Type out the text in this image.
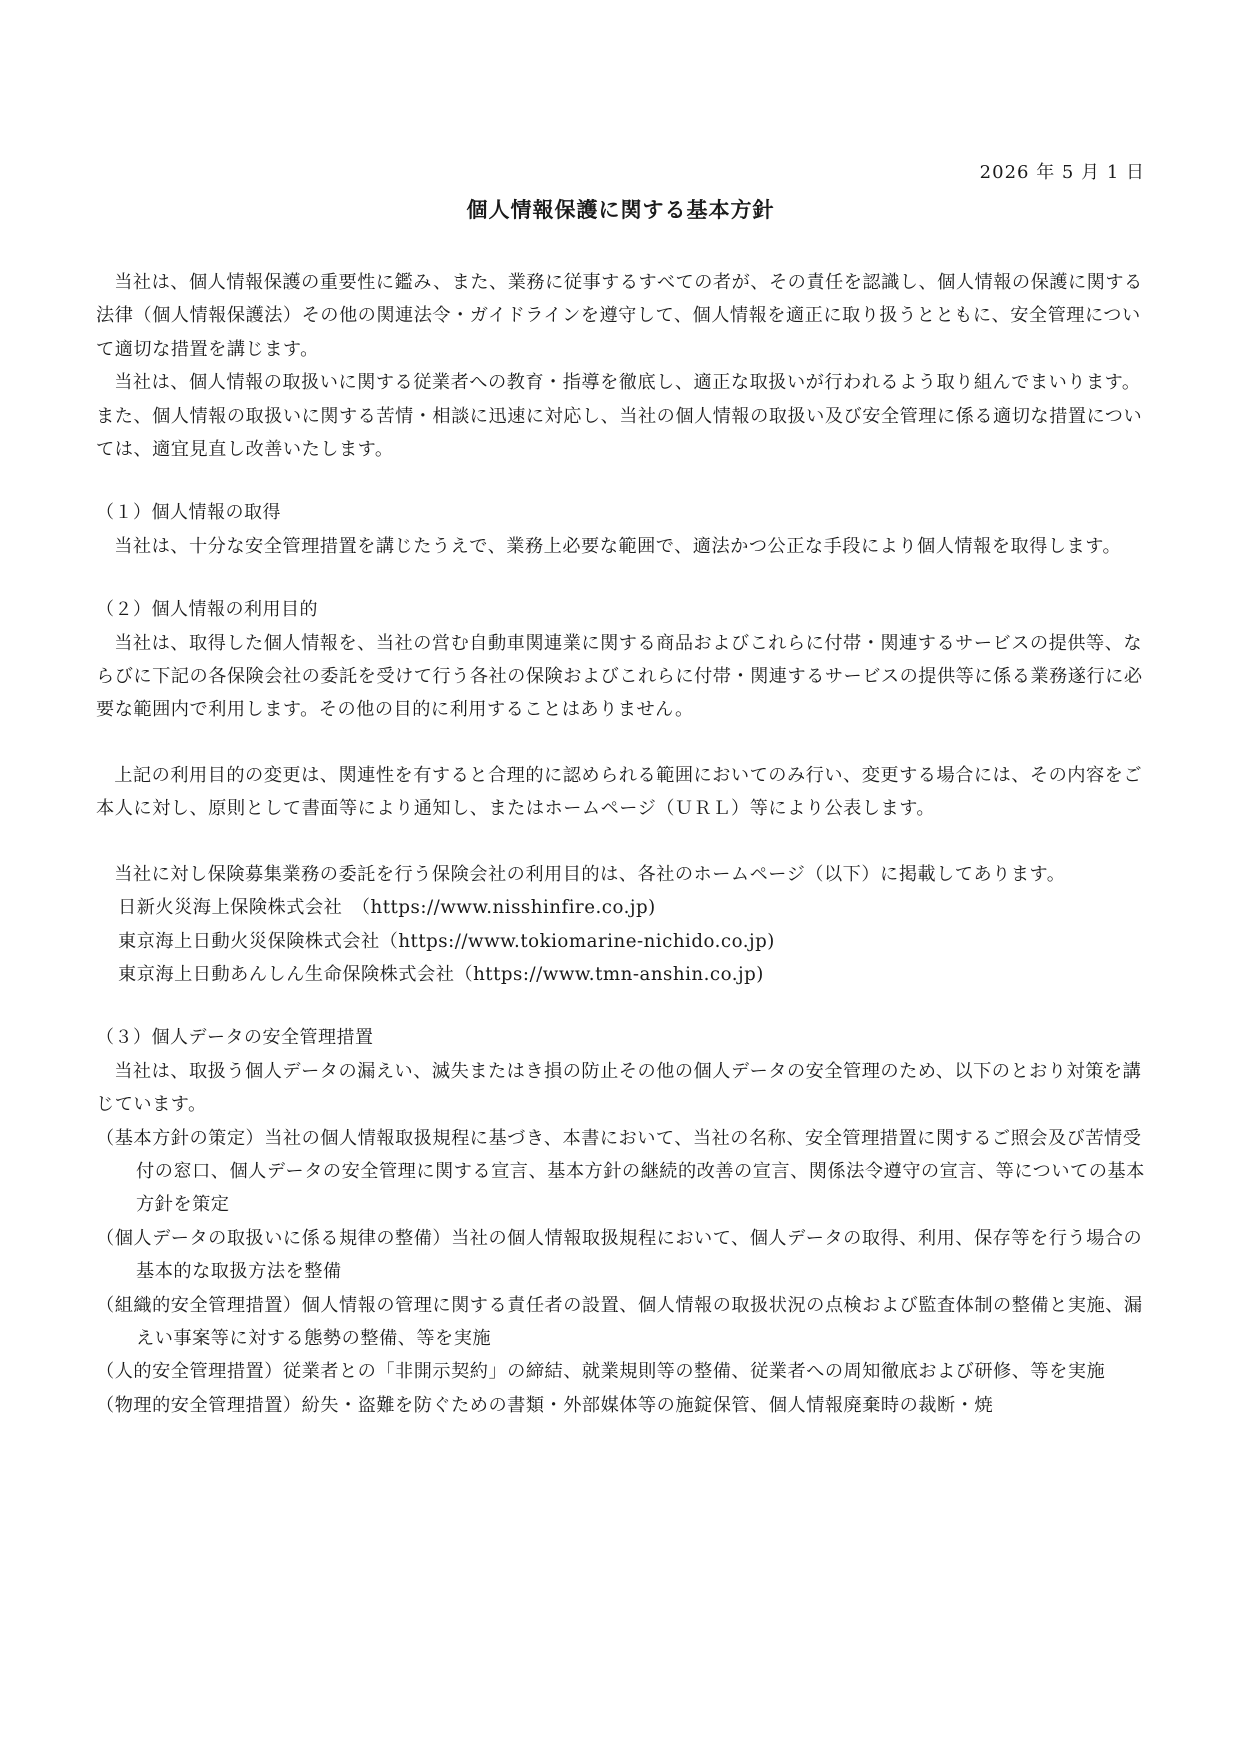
2026 年 5 月 1 日
個人情報保護に関する基本方針
当社は、個人情報保護の重要性に鑑み、また、業務に従事するすべての者が、その責任を認識し、個人情報の保護に関する法律（個人情報保護法）その他の関連法令・ガイドラインを遵守して、個人情報を適正に取り扱うとともに、安全管理について適切な措置を講じます。
当社は、個人情報の取扱いに関する従業者への教育・指導を徹底し、適正な取扱いが行われるよう取り組んでまいります。また、個人情報の取扱いに関する苦情・相談に迅速に対応し、当社の個人情報の取扱い及び安全管理に係る適切な措置については、適宜見直し改善いたします。
（１）個人情報の取得
当社は、十分な安全管理措置を講じたうえで、業務上必要な範囲で、適法かつ公正な手段により個人情報を取得します。
（２）個人情報の利用目的
当社は、取得した個人情報を、当社の営む自動車関連業に関する商品およびこれらに付帯・関連するサービスの提供等、ならびに下記の各保険会社の委託を受けて行う各社の保険およびこれらに付帯・関連するサービスの提供等に係る業務遂行に必要な範囲内で利用します。その他の目的に利用することはありません。
上記の利用目的の変更は、関連性を有すると合理的に認められる範囲においてのみ行い、変更する場合には、その内容をご本人に対し、原則として書面等により通知し、またはホームページ（ＵＲＬ）等により公表します。
当社に対し保険募集業務の委託を行う保険会社の利用目的は、各社のホームページ（以下）に掲載してあります。
日新火災海上保険株式会社　（https://www.nisshinfire.co.jp)
東京海上日動火災保険株式会社（https://www.tokiomarine-nichido.co.jp)
東京海上日動あんしん生命保険株式会社（https://www.tmn-anshin.co.jp)
（３）個人データの安全管理措置
当社は、取扱う個人データの漏えい、滅失またはき損の防止その他の個人データの安全管理のため、以下のとおり対策を講じています。
（基本方針の策定）当社の個人情報取扱規程に基づき、本書において、当社の名称、安全管理措置に関するご照会及び苦情受付の窓口、個人データの安全管理に関する宣言、基本方針の継続的改善の宣言、関係法令遵守の宣言、等についての基本方針を策定
（個人データの取扱いに係る規律の整備）当社の個人情報取扱規程において、個人データの取得、利用、保存等を行う場合の基本的な取扱方法を整備
（組織的安全管理措置）個人情報の管理に関する責任者の設置、個人情報の取扱状況の点検および監査体制の整備と実施、漏えい事案等に対する態勢の整備、等を実施
（人的安全管理措置）従業者との「非開示契約」の締結、就業規則等の整備、従業者への周知徹底および研修、等を実施
（物理的安全管理措置）紛失・盗難を防ぐための書類・外部媒体等の施錠保管、個人情報廃棄時の裁断・焼
